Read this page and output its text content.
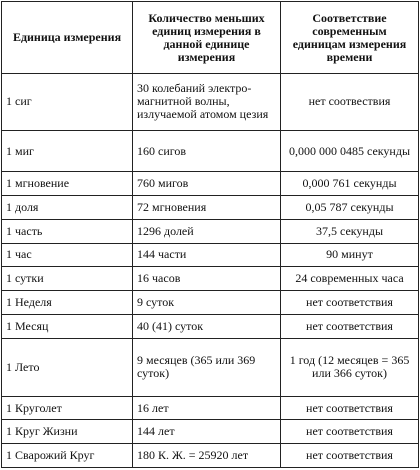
Единица измерения	Количество меньших единиц измерения в данной единице измерения	Соответствие современным единицам измерения времени
1 сиг	30 колебаний электро-магнитной волны, излучаемой атомом цезия	нет соотвествия
1 миг	160 сигов	0,000 000 0485 секунды
1 мгновение	760 мигов	0,000 761 секунды
1 доля	72 мгновения	0,05 787 секунды
1 часть	1296 долей	37,5 секунды
1 час	144 части	90 минут
1 сутки	16 часов	24 современных часа
1 Неделя	9 суток	нет соответствия
1 Месяц	40 (41) суток	нет соответствия
1 Лето	9 месяцев (365 или 369 суток)	1 год (12 месяцев = 365 или 366 суток)
1 Круголет	16 лет	нет соответствия
1 Круг Жизни	144 лет	нет соответствия
1 Сварожий Круг	180 К. Ж. = 25920 лет	нет соответствия
